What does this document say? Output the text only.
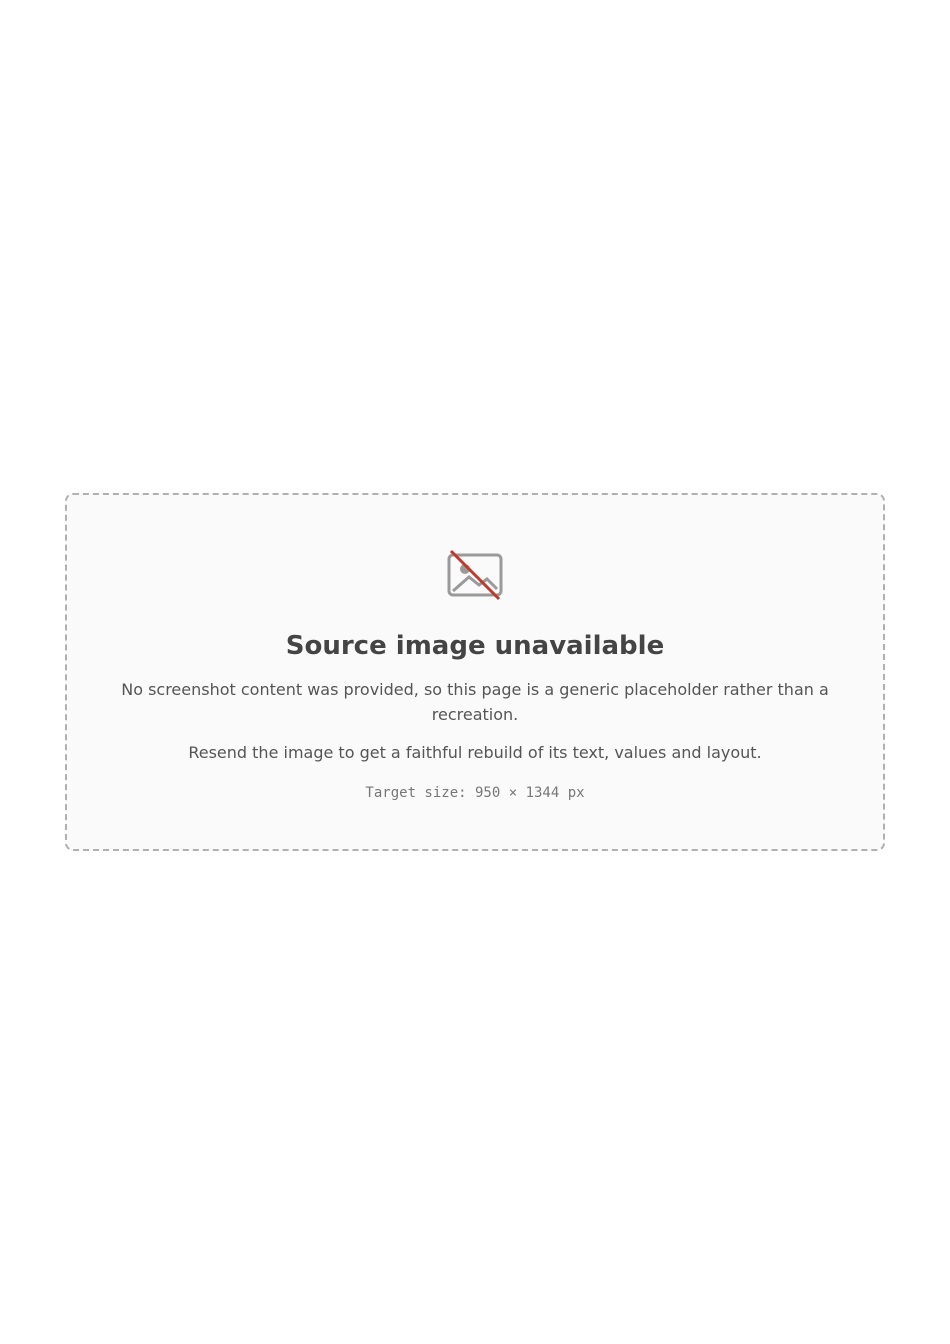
Source image unavailable

No screenshot content was provided, so this page is a generic placeholder rather than a recreation.

Resend the image to get a faithful rebuild of its text, values and layout.

Target size: 950 × 1344 px
